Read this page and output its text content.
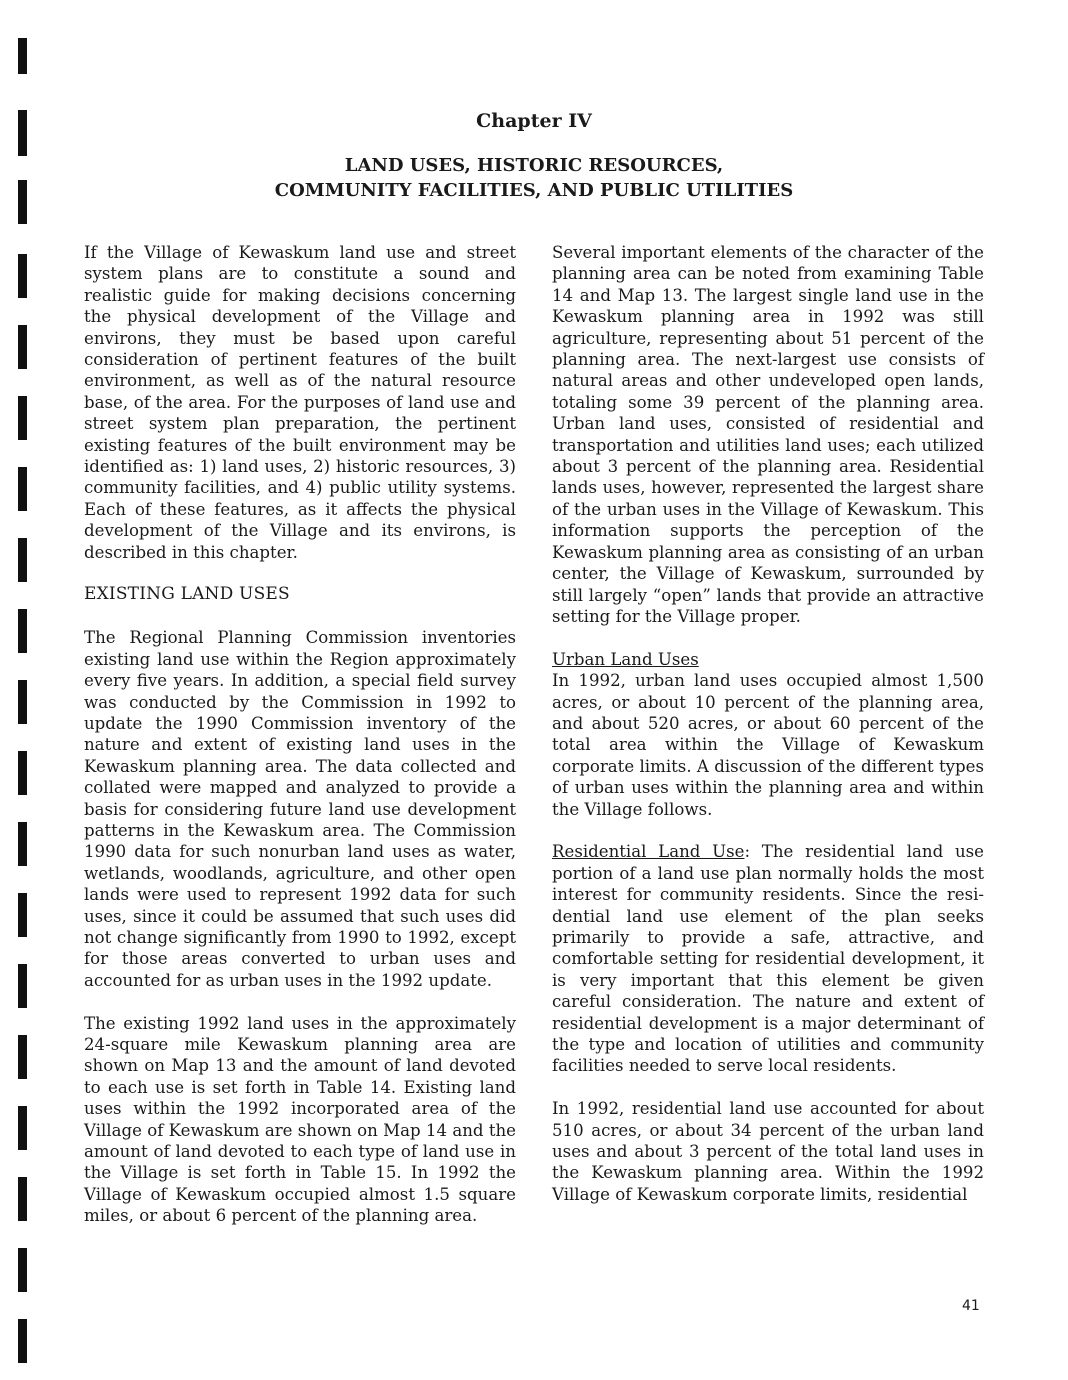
Chapter IV
LAND USES, HISTORIC RESOURCES,
COMMUNITY FACILITIES, AND PUBLIC UTILITIES

If the Village of Kewaskum land use and street system plans are to constitute a sound and realistic guide for making decisions concerning the physical development of the Village and environs, they must be based upon careful consideration of pertinent features of the built environment, as well as of the natural resource base, of the area. For the purposes of land use and street system plan preparation, the pertinent existing features of the built environment may be identified as: 1) land uses, 2) historic resources, 3) community facilities, and 4) public utility systems. Each of these features, as it affects the physical development of the Village and its environs, is described in this chapter.

EXISTING LAND USES

The Regional Planning Commission inventories existing land use within the Region approximately every five years. In addition, a special field survey was conducted by the Commission in 1992 to update the 1990 Commission inventory of the nature and extent of existing land uses in the Kewaskum planning area. The data collected and collated were mapped and analyzed to provide a basis for considering future land use development patterns in the Kewaskum area. The Commission 1990 data for such nonurban land uses as water, wetlands, woodlands, agriculture, and other open lands were used to represent 1992 data for such uses, since it could be assumed that such uses did not change significantly from 1990 to 1992, except for those areas converted to urban uses and accounted for as urban uses in the 1992 update.

The existing 1992 land uses in the approximately 24-square mile Kewaskum planning area are shown on Map 13 and the amount of land devoted to each use is set forth in Table 14. Existing land uses within the 1992 incorporated area of the Village of Kewaskum are shown on Map 14 and the amount of land devoted to each type of land use in the Village is set forth in Table 15. In 1992 the Village of Kewaskum occupied almost 1.5 square miles, or about 6 percent of the planning area.

Several important elements of the character of the planning area can be noted from examining Table 14 and Map 13. The largest single land use in the Kewaskum planning area in 1992 was still agriculture, representing about 51 percent of the planning area. The next-largest use consists of natural areas and other undeveloped open lands, totaling some 39 percent of the planning area. Urban land uses, consisted of residential and transportation and utilities land uses; each utilized about 3 percent of the planning area. Residential lands uses, however, represented the largest share of the urban uses in the Village of Kewaskum. This information supports the perception of the Kewaskum planning area as consisting of an urban center, the Village of Kewaskum, surrounded by still largely “open” lands that provide an attractive setting for the Village proper.

Urban Land Uses
In 1992, urban land uses occupied almost 1,500 acres, or about 10 percent of the planning area, and about 520 acres, or about 60 percent of the total area within the Village of Kewaskum corporate limits. A discussion of the different types of urban uses within the planning area and within the Village follows.

Residential Land Use: The residential land use portion of a land use plan normally holds the most interest for community residents. Since the residential land use element of the plan seeks primarily to provide a safe, attractive, and comfortable setting for residential development, it is very important that this element be given careful consideration. The nature and extent of residential development is a major determinant of the type and location of utilities and community facilities needed to serve local residents.

In 1992, residential land use accounted for about 510 acres, or about 34 percent of the urban land uses and about 3 percent of the total land uses in the Kewaskum planning area. Within the 1992 Village of Kewaskum corporate limits, residential

41
